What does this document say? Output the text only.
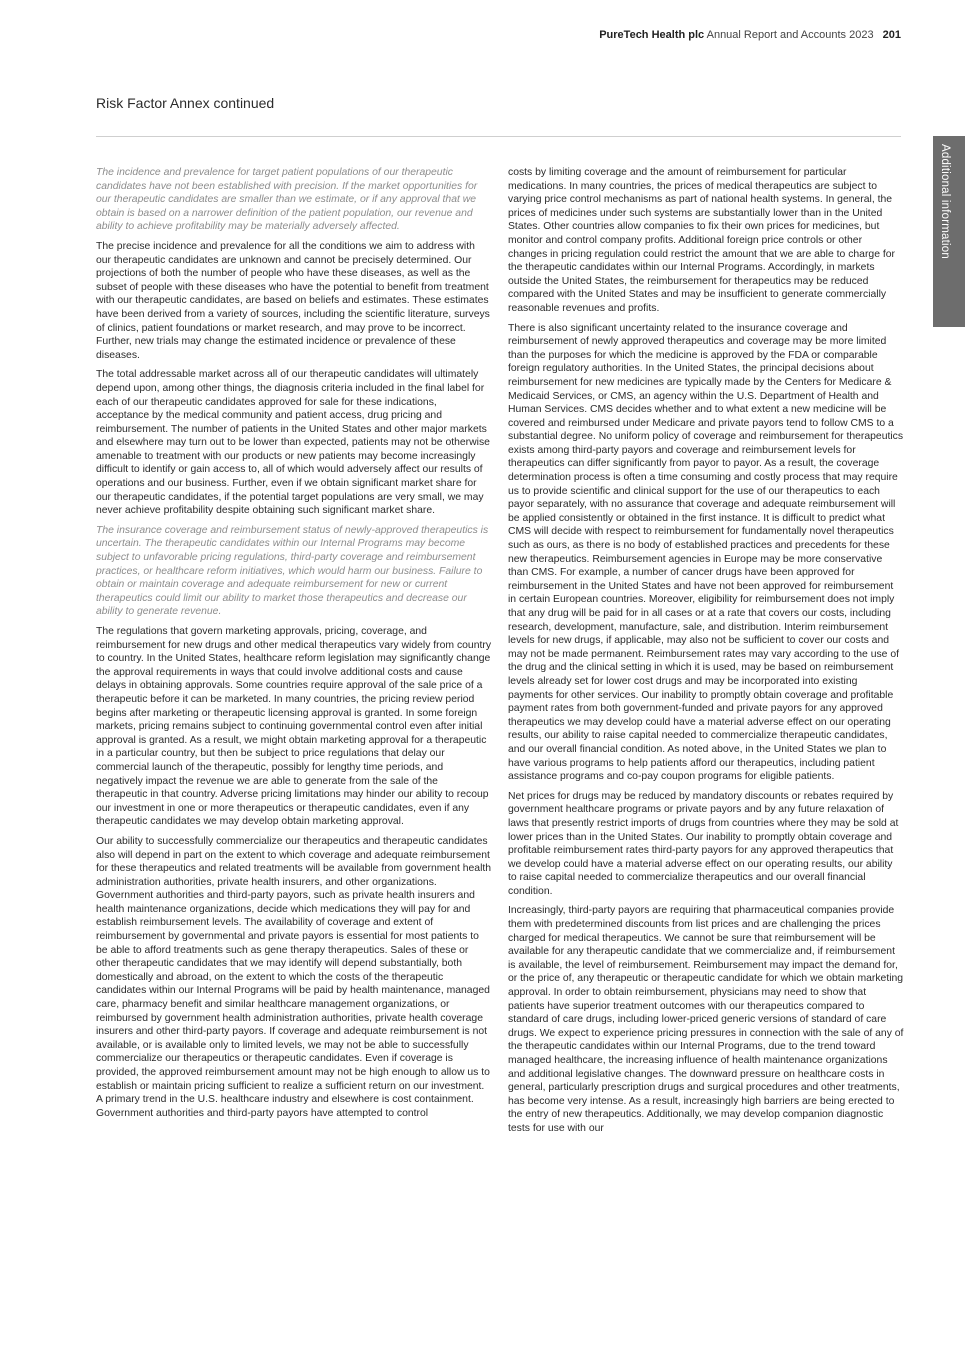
PureTech Health plc Annual Report and Accounts 2023 201
Risk Factor Annex continued
Additional information

The incidence and prevalence for target patient populations of our therapeutic candidates have not been established with precision. If the market opportunities for our therapeutic candidates are smaller than we estimate, or if any approval that we obtain is based on a narrower definition of the patient population, our revenue and ability to achieve profitability may be materially adversely affected.

The precise incidence and prevalence for all the conditions we aim to address with our therapeutic candidates are unknown and cannot be precisely determined. Our projections of both the number of people who have these diseases, as well as the subset of people with these diseases who have the potential to benefit from treatment with our therapeutic candidates, are based on beliefs and estimates. These estimates have been derived from a variety of sources, including the scientific literature, surveys of clinics, patient foundations or market research, and may prove to be incorrect. Further, new trials may change the estimated incidence or prevalence of these diseases.

The total addressable market across all of our therapeutic candidates will ultimately depend upon, among other things, the diagnosis criteria included in the final label for each of our therapeutic candidates approved for sale for these indications, acceptance by the medical community and patient access, drug pricing and reimbursement. The number of patients in the United States and other major markets and elsewhere may turn out to be lower than expected, patients may not be otherwise amenable to treatment with our products or new patients may become increasingly difficult to identify or gain access to, all of which would adversely affect our results of operations and our business. Further, even if we obtain significant market share for our therapeutic candidates, if the potential target populations are very small, we may never achieve profitability despite obtaining such significant market share.

The insurance coverage and reimbursement status of newly-approved therapeutics is uncertain. The therapeutic candidates within our Internal Programs may become subject to unfavorable pricing regulations, third-party coverage and reimbursement practices, or healthcare reform initiatives, which would harm our business. Failure to obtain or maintain coverage and adequate reimbursement for new or current therapeutics could limit our ability to market those therapeutics and decrease our ability to generate revenue.

The regulations that govern marketing approvals, pricing, coverage, and reimbursement for new drugs and other medical therapeutics vary widely from country to country. In the United States, healthcare reform legislation may significantly change the approval requirements in ways that could involve additional costs and cause delays in obtaining approvals. Some countries require approval of the sale price of a therapeutic before it can be marketed. In many countries, the pricing review period begins after marketing or therapeutic licensing approval is granted. In some foreign markets, pricing remains subject to continuing governmental control even after initial approval is granted. As a result, we might obtain marketing approval for a therapeutic in a particular country, but then be subject to price regulations that delay our commercial launch of the therapeutic, possibly for lengthy time periods, and negatively impact the revenue we are able to generate from the sale of the therapeutic in that country. Adverse pricing limitations may hinder our ability to recoup our investment in one or more therapeutics or therapeutic candidates, even if any therapeutic candidates we may develop obtain marketing approval.

Our ability to successfully commercialize our therapeutics and therapeutic candidates also will depend in part on the extent to which coverage and adequate reimbursement for these therapeutics and related treatments will be available from government health administration authorities, private health insurers, and other organizations. Government authorities and third-party payors, such as private health insurers and health maintenance organizations, decide which medications they will pay for and establish reimbursement levels. The availability of coverage and extent of reimbursement by governmental and private payors is essential for most patients to be able to afford treatments such as gene therapy therapeutics. Sales of these or other therapeutic candidates that we may identify will depend substantially, both domestically and abroad, on the extent to which the costs of the therapeutic candidates within our Internal Programs will be paid by health maintenance, managed care, pharmacy benefit and similar healthcare management organizations, or reimbursed by government health administration authorities, private health coverage insurers and other third-party payors. If coverage and adequate reimbursement is not available, or is available only to limited levels, we may not be able to successfully commercialize our therapeutics or therapeutic candidates. Even if coverage is provided, the approved reimbursement amount may not be high enough to allow us to establish or maintain pricing sufficient to realize a sufficient return on our investment. A primary trend in the U.S. healthcare industry and elsewhere is cost containment. Government authorities and third-party payors have attempted to control

costs by limiting coverage and the amount of reimbursement for particular medications. In many countries, the prices of medical therapeutics are subject to varying price control mechanisms as part of national health systems. In general, the prices of medicines under such systems are substantially lower than in the United States. Other countries allow companies to fix their own prices for medicines, but monitor and control company profits. Additional foreign price controls or other changes in pricing regulation could restrict the amount that we are able to charge for the therapeutic candidates within our Internal Programs. Accordingly, in markets outside the United States, the reimbursement for therapeutics may be reduced compared with the United States and may be insufficient to generate commercially reasonable revenues and profits.

There is also significant uncertainty related to the insurance coverage and reimbursement of newly approved therapeutics and coverage may be more limited than the purposes for which the medicine is approved by the FDA or comparable foreign regulatory authorities. In the United States, the principal decisions about reimbursement for new medicines are typically made by the Centers for Medicare & Medicaid Services, or CMS, an agency within the U.S. Department of Health and Human Services. CMS decides whether and to what extent a new medicine will be covered and reimbursed under Medicare and private payors tend to follow CMS to a substantial degree. No uniform policy of coverage and reimbursement for therapeutics exists among third-party payors and coverage and reimbursement levels for therapeutics can differ significantly from payor to payor. As a result, the coverage determination process is often a time consuming and costly process that may require us to provide scientific and clinical support for the use of our therapeutics to each payor separately, with no assurance that coverage and adequate reimbursement will be applied consistently or obtained in the first instance. It is difficult to predict what CMS will decide with respect to reimbursement for fundamentally novel therapeutics such as ours, as there is no body of established practices and precedents for these new therapeutics. Reimbursement agencies in Europe may be more conservative than CMS. For example, a number of cancer drugs have been approved for reimbursement in the United States and have not been approved for reimbursement in certain European countries. Moreover, eligibility for reimbursement does not imply that any drug will be paid for in all cases or at a rate that covers our costs, including research, development, manufacture, sale, and distribution. Interim reimbursement levels for new drugs, if applicable, may also not be sufficient to cover our costs and may not be made permanent. Reimbursement rates may vary according to the use of the drug and the clinical setting in which it is used, may be based on reimbursement levels already set for lower cost drugs and may be incorporated into existing payments for other services. Our inability to promptly obtain coverage and profitable payment rates from both government-funded and private payors for any approved therapeutics we may develop could have a material adverse effect on our operating results, our ability to raise capital needed to commercialize therapeutic candidates, and our overall financial condition. As noted above, in the United States we plan to have various programs to help patients afford our therapeutics, including patient assistance programs and co-pay coupon programs for eligible patients.

Net prices for drugs may be reduced by mandatory discounts or rebates required by government healthcare programs or private payors and by any future relaxation of laws that presently restrict imports of drugs from countries where they may be sold at lower prices than in the United States. Our inability to promptly obtain coverage and profitable reimbursement rates third-party payors for any approved therapeutics that we develop could have a material adverse effect on our operating results, our ability to raise capital needed to commercialize therapeutics and our overall financial condition.

Increasingly, third-party payors are requiring that pharmaceutical companies provide them with predetermined discounts from list prices and are challenging the prices charged for medical therapeutics. We cannot be sure that reimbursement will be available for any therapeutic candidate that we commercialize and, if reimbursement is available, the level of reimbursement. Reimbursement may impact the demand for, or the price of, any therapeutic or therapeutic candidate for which we obtain marketing approval. In order to obtain reimbursement, physicians may need to show that patients have superior treatment outcomes with our therapeutics compared to standard of care drugs, including lower-priced generic versions of standard of care drugs. We expect to experience pricing pressures in connection with the sale of any of the therapeutic candidates within our Internal Programs, due to the trend toward managed healthcare, the increasing influence of health maintenance organizations and additional legislative changes. The downward pressure on healthcare costs in general, particularly prescription drugs and surgical procedures and other treatments, has become very intense. As a result, increasingly high barriers are being erected to the entry of new therapeutics. Additionally, we may develop companion diagnostic tests for use with our
